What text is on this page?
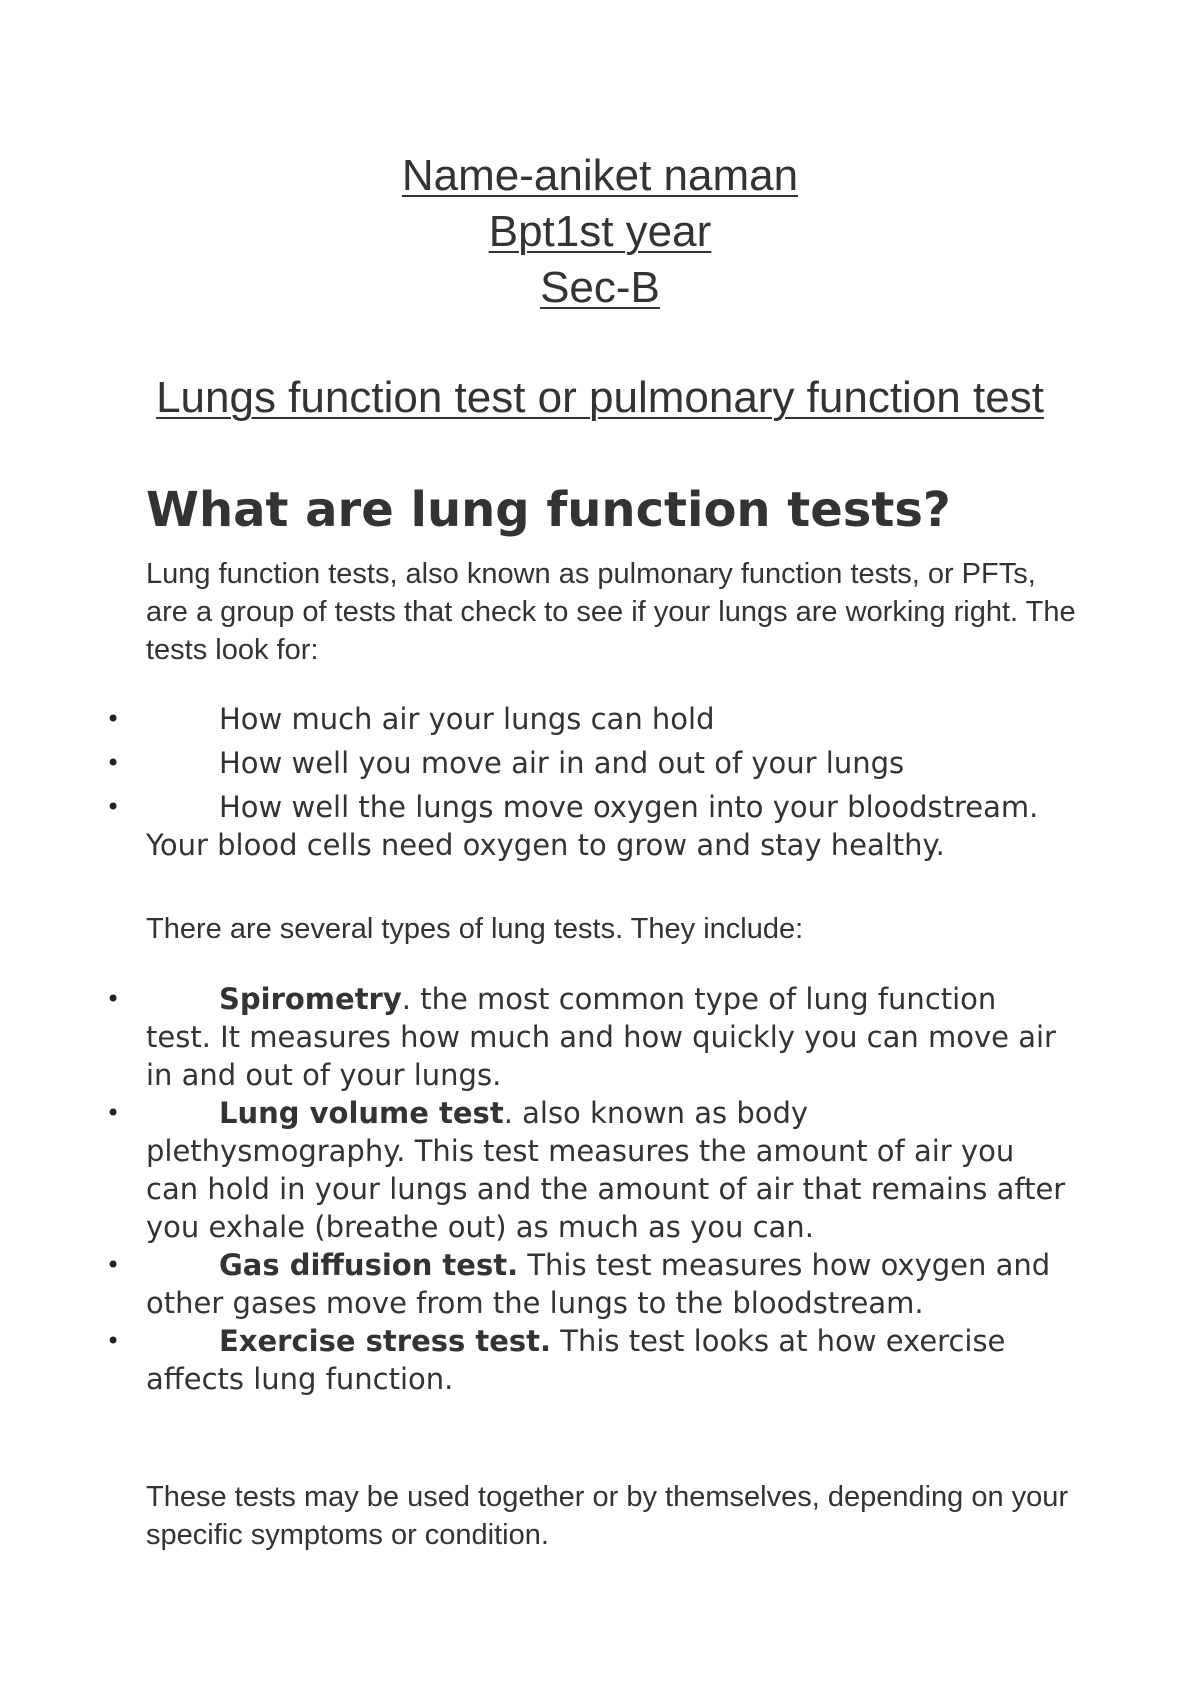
Name-aniket naman
Bpt1st year
Sec-B
Lungs function test or pulmonary function test
What are lung function tests?

Lung function tests, also known as pulmonary function tests, or PFTs, are a group of tests that check to see if your lungs are working right. The tests look for:

•	How much air your lungs can hold
•	How well you move air in and out of your lungs
•	How well the lungs move oxygen into your bloodstream. Your blood cells need oxygen to grow and stay healthy.

There are several types of lung tests. They include:

•	Spirometry. the most common type of lung function test. It measures how much and how quickly you can move air in and out of your lungs.
•	Lung volume test. also known as body plethysmography. This test measures the amount of air you can hold in your lungs and the amount of air that remains after you exhale (breathe out) as much as you can.
•	Gas diffusion test. This test measures how oxygen and other gases move from the lungs to the bloodstream.
•	Exercise stress test. This test looks at how exercise affects lung function.

These tests may be used together or by themselves, depending on your specific symptoms or condition.
